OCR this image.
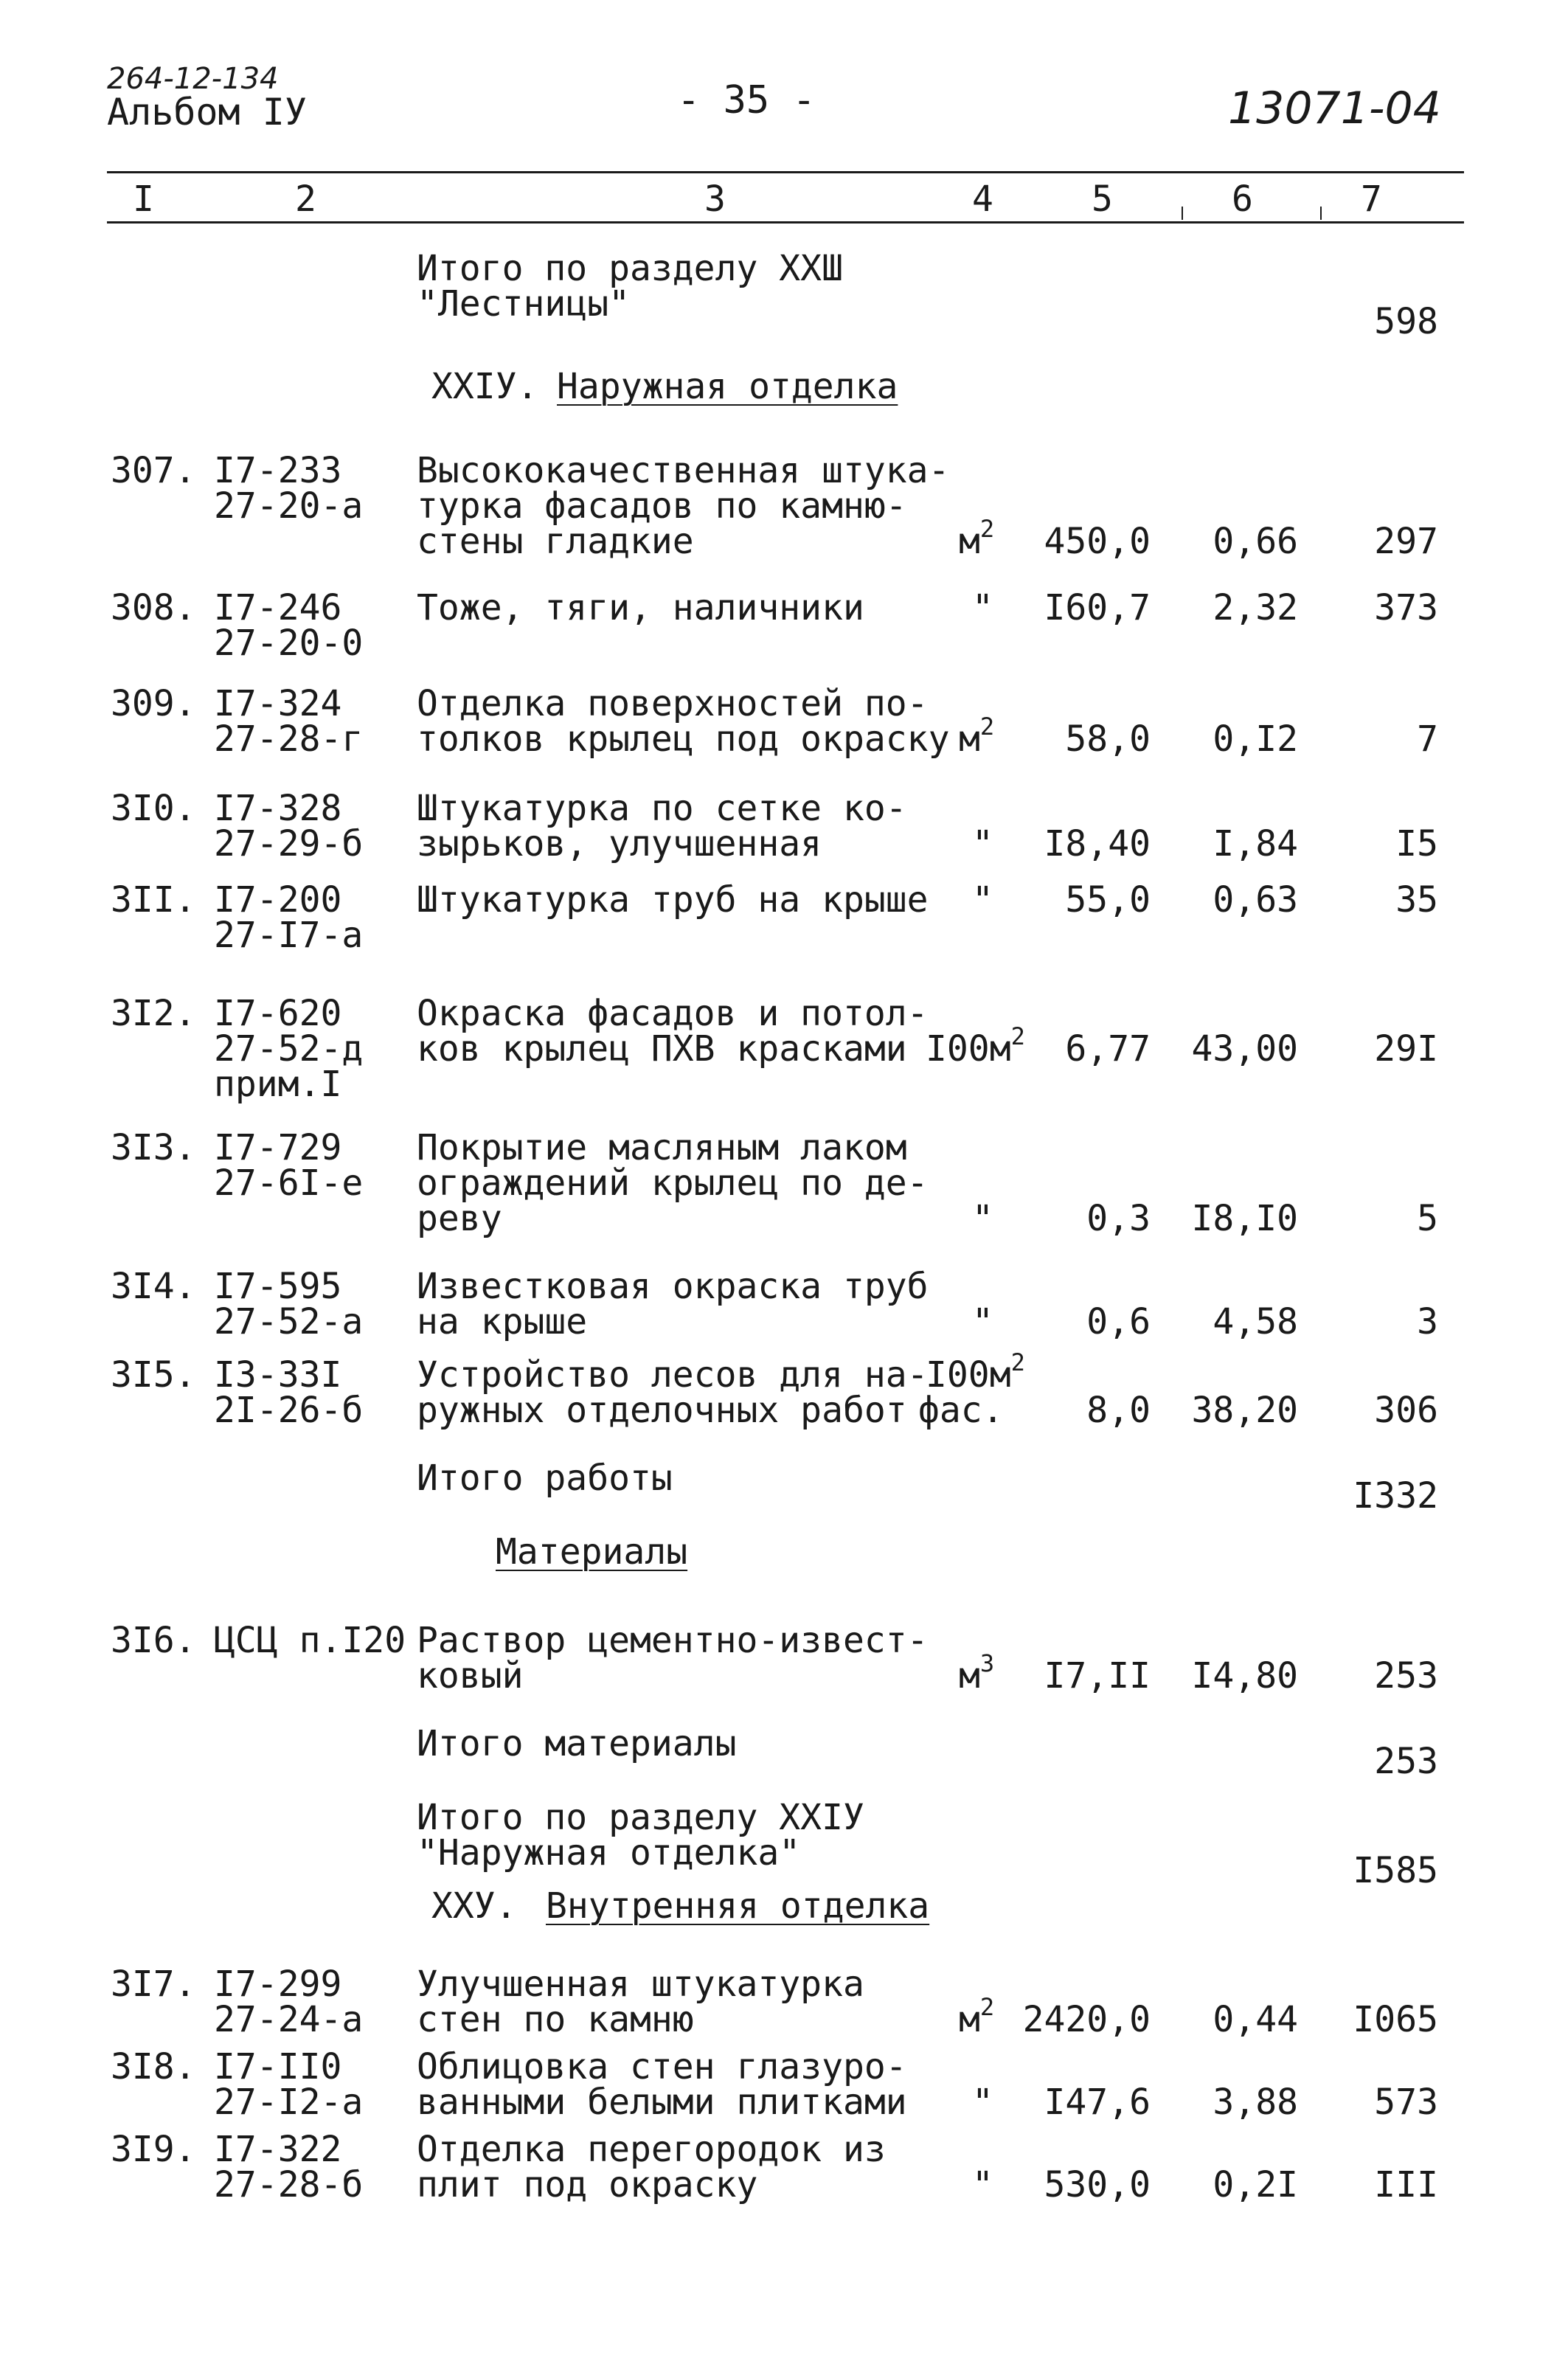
264-12-134
Альбом IУ	- 35 -	13071-04
I	2	3	4	5	6	7
Итого по разделу ХХШ
"Лестницы"	598
ХХIУ. Наружная отделка
307. I7-233
27-20-а
Высококачественная штука-
турка фасадов по камню-
стены гладкие	$м^2$	450,0	0,66	297
308. I7-246
27-20-0
Тоже, тяги, наличники	"	I60,7	2,32	373
309. I7-324
27-28-г
Отделка поверхностей по-
толков крылец под окраску $м^2$	58,0	0,I2	7
3I0. I7-328
27-29-б
Штукатурка по сетке ко-
зырьков, улучшенная	"	I8,40	I,84	I5
3II. I7-200
27-I7-а
Штукатурка труб на крыше "	55,0	0,63	35
3I2. I7-620
27-52-д
прим.I
Окраска фасадов и потол-
ков крылец ПХВ красками $I00м^2$	6,77	43,00	29I
3I3. I7-729
27-6I-е
Покрытие масляным лаком
ограждений крылец по де-
реву	"	0,3	I8,I0	5
3I4. I7-595
27-52-а
Известковая окраска труб
на крыше	"	0,6	4,58	3
3I5. I3-33I
2I-26-б
Устройство лесов для на-
ружных отделочных работ
$I00м^2$
фас.	8,0	38,20	306
Итого работы	I332
Материалы
3I6. ЦСЦ п.I20 Раствор цементно-извест-
ковый	$м^3$	I7,II	I4,80	253
Итого материалы	253
Итого по разделу ХХIУ
"Наружная отделка"	I585
ХХУ. Внутренняя отделка
3I7. I7-299
27-24-а
Улучшенная штукатурка
стен по камню	$м^2$ 2420,0	0,44	I065
3I8. I7-II0
27-I2-а
Облицовка стен глазуро-
ванными белыми плитками "	I47,6	3,88	573
3I9. I7-322
27-28-б
Отделка перегородок из
плит под окраску	"	530,0	0,2I	III
